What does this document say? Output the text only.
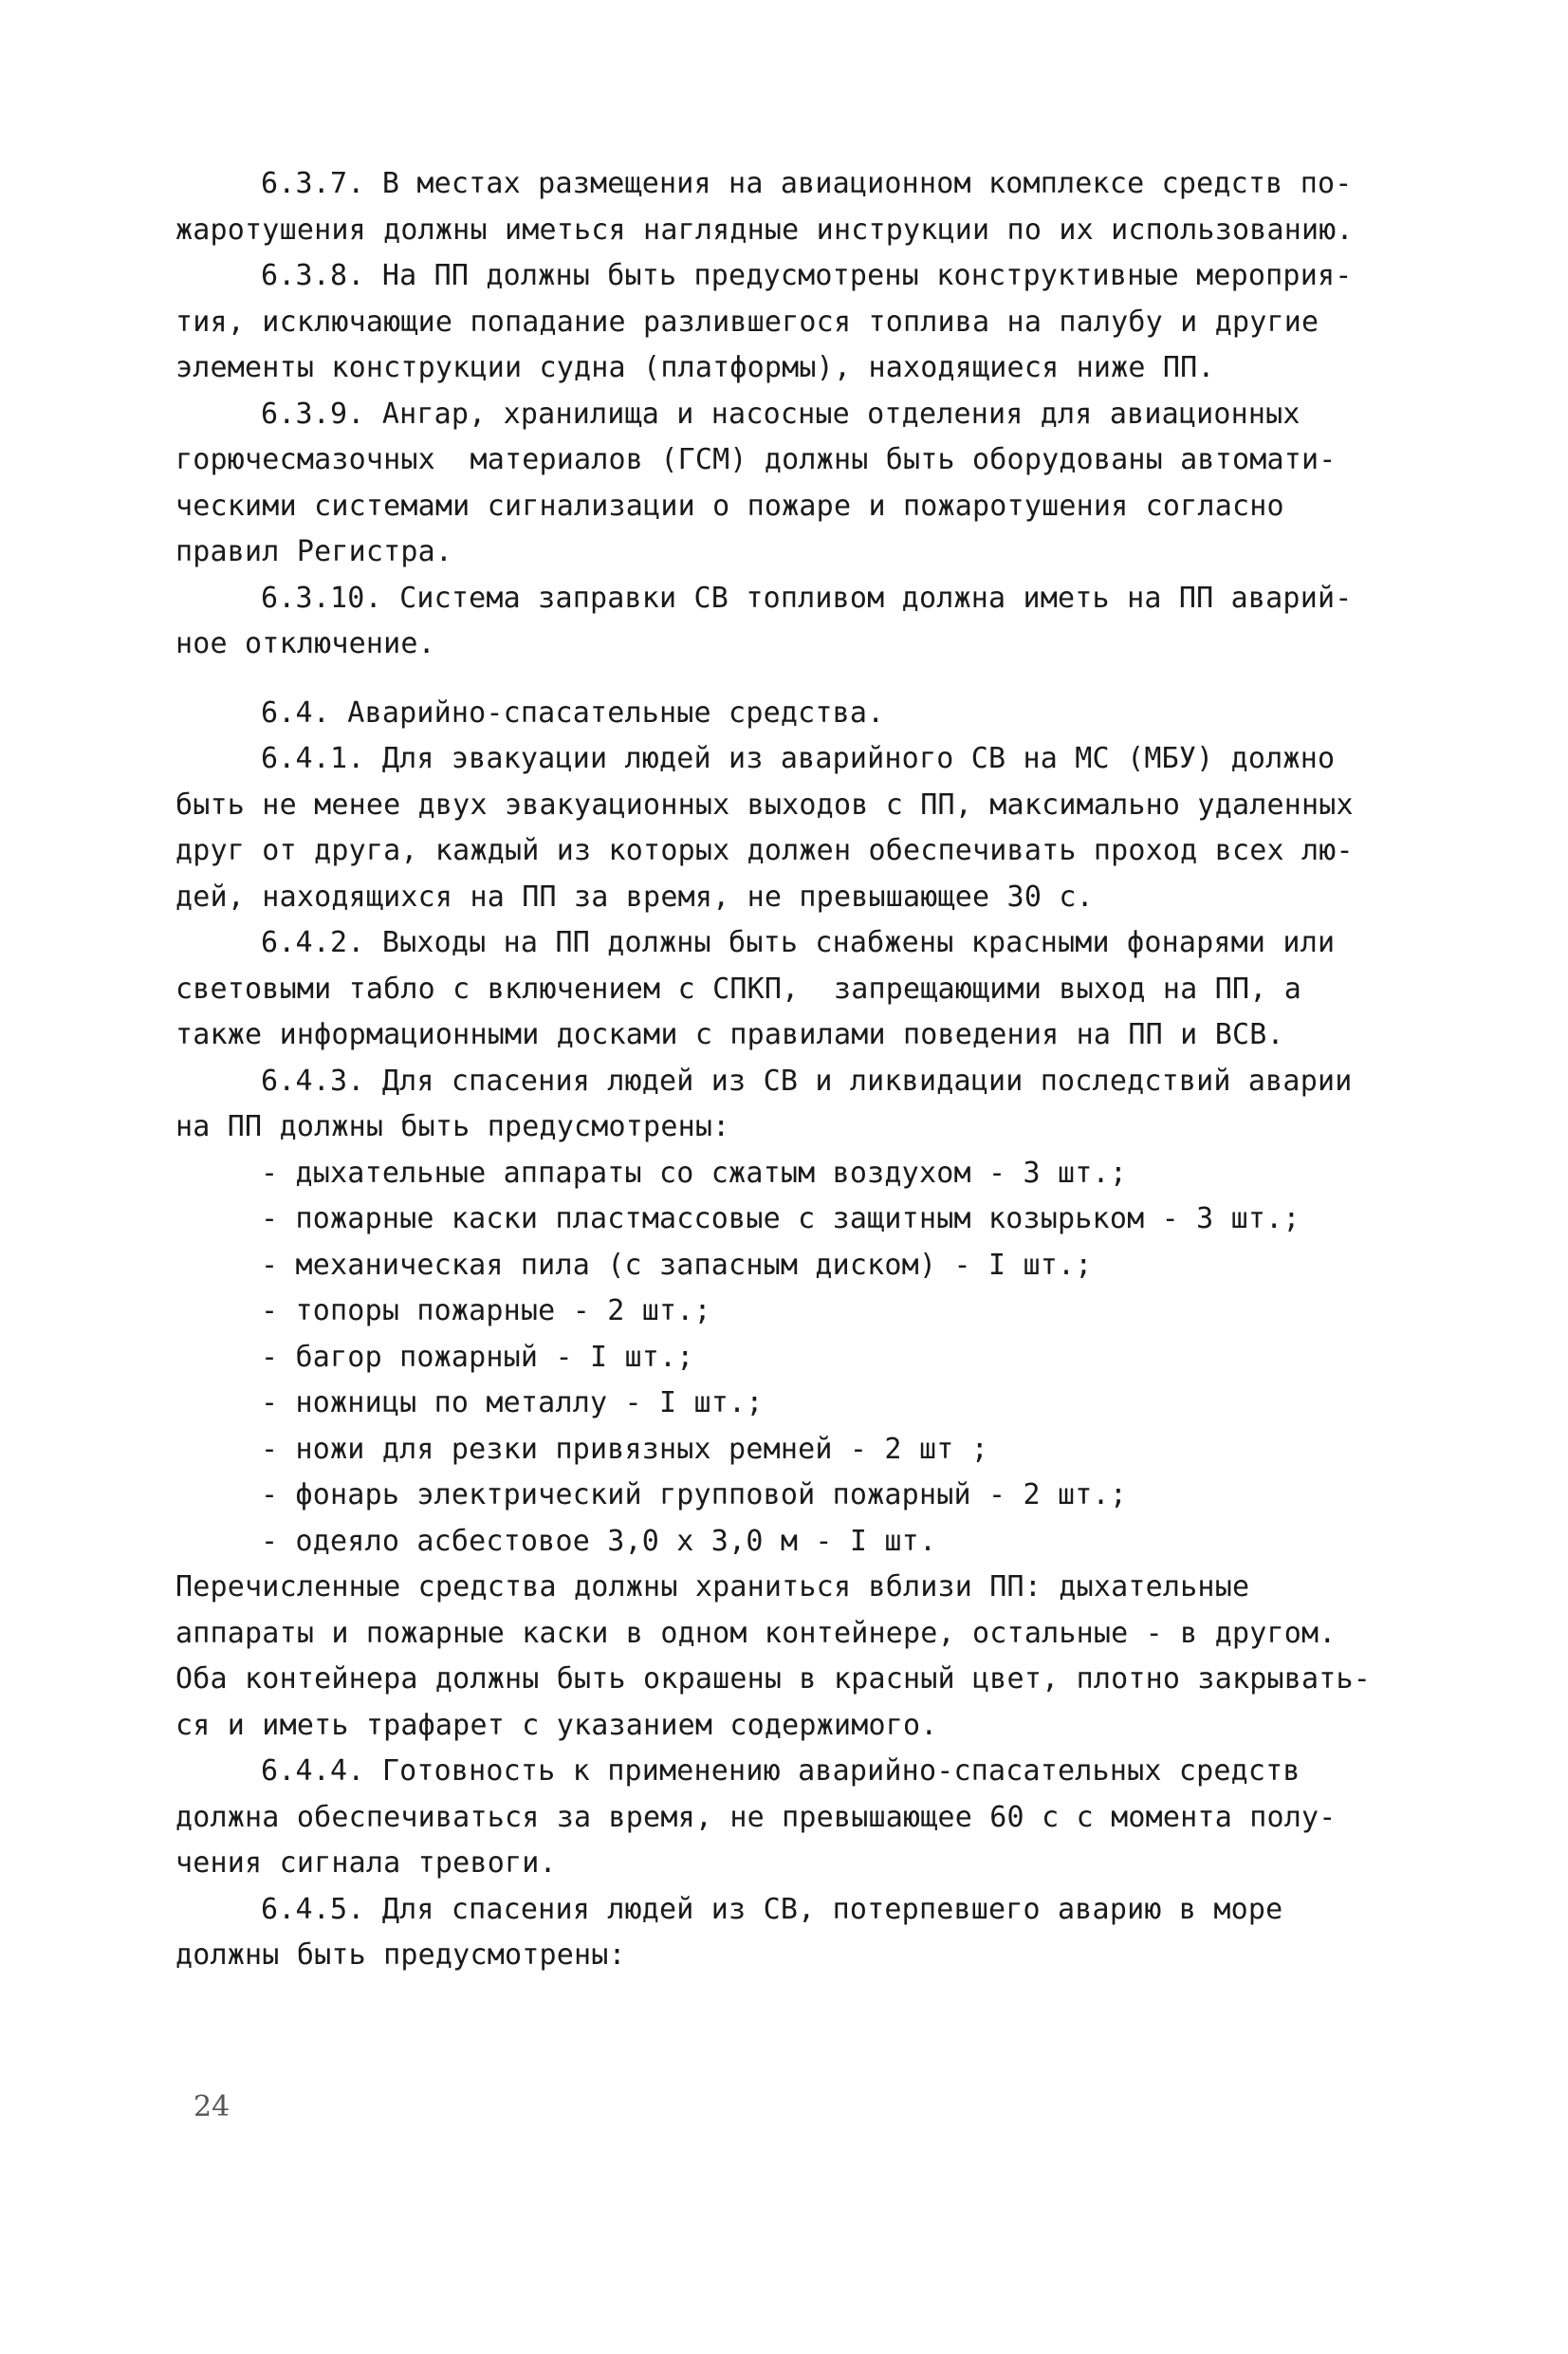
6.3.7. В местах размещения на авиационном комплексе средств по-
жаротушения должны иметься наглядные инструкции по их использованию.
6.3.8. На ПП должны быть предусмотрены конструктивные мероприя-
тия, исключающие попадание разлившегося топлива на палубу и другие
элементы конструкции судна (платформы), находящиеся ниже ПП.
6.3.9. Ангар, хранилища и насосные отделения для авиационных
горючесмазочных  материалов (ГСМ) должны быть оборудованы автомати-
ческими системами сигнализации о пожаре и пожаротушения согласно
правил Регистра.
6.3.10. Система заправки СВ топливом должна иметь на ПП аварий-
ное отключение.
6.4. Аварийно-спасательные средства.
6.4.1. Для эвакуации людей из аварийного СВ на МС (МБУ) должно
быть не менее двух эвакуационных выходов с ПП, максимально удаленных
друг от друга, каждый из которых должен обеспечивать проход всех лю-
дей, находящихся на ПП за время, не превышающее 30 с.
6.4.2. Выходы на ПП должны быть снабжены красными фонарями или
световыми табло с включением с СПКП,  запрещающими выход на ПП, а
также информационными досками с правилами поведения на ПП и ВСВ.
6.4.3. Для спасения людей из СВ и ликвидации последствий аварии
на ПП должны быть предусмотрены:
- дыхательные аппараты со сжатым воздухом - 3 шт.;
- пожарные каски пластмассовые с защитным козырьком - 3 шт.;
- механическая пила (с запасным диском) - I шт.;
- топоры пожарные - 2 шт.;
- багор пожарный - I шт.;
- ножницы по металлу - I шт.;
- ножи для резки привязных ремней - 2 шт ;
- фонарь электрический групповой пожарный - 2 шт.;
- одеяло асбестовое 3,0 х 3,0 м - I шт.
Перечисленные средства должны храниться вблизи ПП: дыхательные
аппараты и пожарные каски в одном контейнере, остальные - в другом.
Оба контейнера должны быть окрашены в красный цвет, плотно закрывать-
ся и иметь трафарет с указанием содержимого.
6.4.4. Готовность к применению аварийно-спасательных средств
должна обеспечиваться за время, не превышающее 60 с с момента полу-
чения сигнала тревоги.
6.4.5. Для спасения людей из СВ, потерпевшего аварию в море
должны быть предусмотрены:
24
